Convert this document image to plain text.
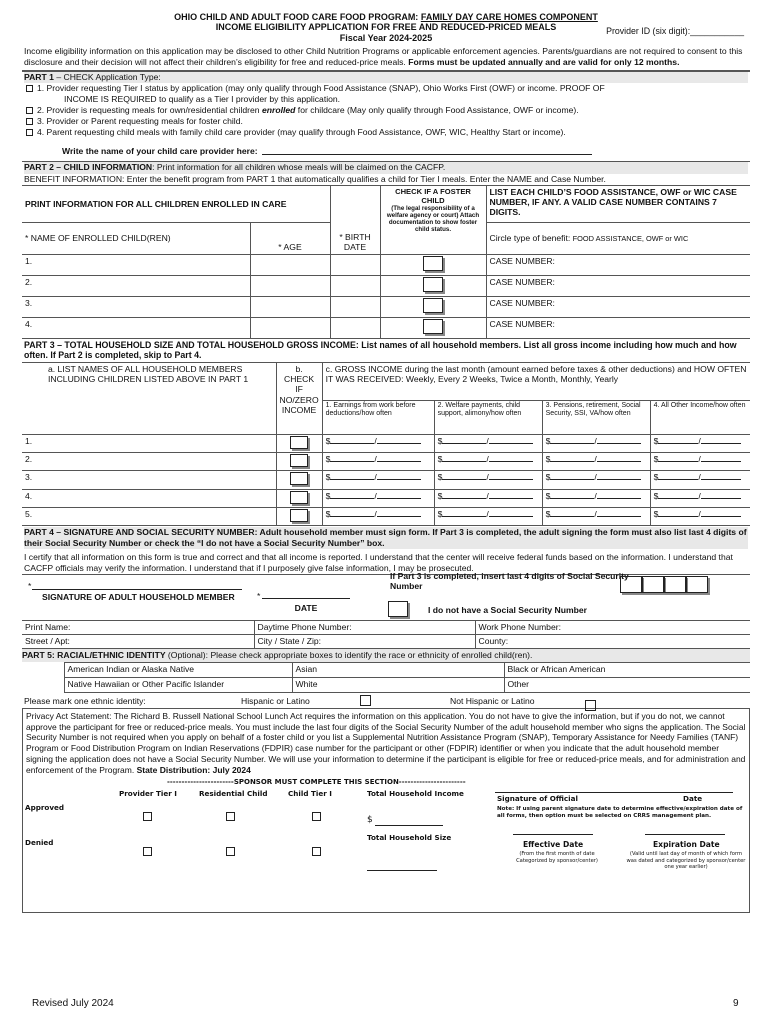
OHIO CHILD AND ADULT FOOD CARE FOOD PROGRAM: FAMILY DAY CARE HOMES COMPONENT
INCOME ELIGIBILITY APPLICATION FOR FREE AND REDUCED-PRICED MEALS
Fiscal Year 2024-2025
Provider ID (six digit):___________
Income eligibility information on this application may be disclosed to other Child Nutrition Programs or applicable enforcement agencies. Parents/guardians are not required to consent to this disclosure and their decision will not affect their children’s eligibility for free and reduced-price meals. Forms must be updated annually and are valid for only 12 months.
PART 1 – CHECK Application Type:
1. Provider requesting Tier I status by application (may only qualify through Food Assistance (SNAP), Ohio Works First (OWF) or income. PROOF OF
INCOME IS REQUIRED to qualify as a Tier I provider by this application.
2. Provider is requesting meals for own/residential children enrolled for childcare (May only qualify through Food Assistance, OWF or income).
3. Provider or Parent requesting meals for foster child.
4. Parent requesting child meals with family child care provider (may qualify through Food Assistance, OWF, WIC, Healthy Start or income).
Write the name of your child care provider here:
PART 2 – CHILD INFORMATION: Print information for all children whose meals will be claimed on the CACFP.
BENEFIT INFORMATION: Enter the benefit program from PART 1 that automatically qualifies a child for Tier I meals. Enter the NAME and Case Number.
PRINT INFORMATION FOR ALL CHILDREN ENROLLED IN CARE		* BIRTH DATE	CHECK IF A FOSTER CHILD
(The legal responsibility of a welfare agency or court) Attach documentation to show foster child status.	LIST EACH CHILD’S FOOD ASSISTANCE, OWF or WIC CASE NUMBER, IF ANY. A VALID CASE NUMBER CONTAINS 7 DIGITS.
* NAME OF ENROLLED CHILD(REN)	* AGE			Circle type of benefit: FOOD ASSISTANCE, OWF or WIC
1.				CASE NUMBER:
2.				CASE NUMBER:
3.				CASE NUMBER:
4.				CASE NUMBER:
PART 3 – TOTAL HOUSEHOLD SIZE AND TOTAL HOUSEHOLD GROSS INCOME: List names of all household members. List all gross income including how much and how often. If Part 2 is completed, skip to Part 4.
a. LIST NAMES OF ALL HOUSEHOLD MEMBERS INCLUDING CHILDREN LISTED ABOVE IN PART 1	b. CHECK IF NO/ZERO INCOME	c. GROSS INCOME during the last month (amount earned before taxes & other deductions) and HOW OFTEN IT WAS RECEIVED: Weekly, Every 2 Weeks, Twice a Month, Monthly, Yearly			
		1. Earnings from work before deductions/how often	2. Welfare payments, child support, alimony/how often	3. Pensions, retirement, Social Security, SSI, VA/how often	4. All Other Income/how often
1.		$ /	$ /	$ /	$ /
2.		$ /	$ /	$ /	$ /
3.		$ /	$ /	$ /	$ /
4.		$ /	$ /	$ /	$ /
5.		$ /	$ /	$ /	$ /
PART 4 – SIGNATURE AND SOCIAL SECURITY NUMBER: Adult household member must sign form. If Part 3 is completed, the adult signing the form must also list last 4 digits of their Social Security Number or check the “I do not have a Social Security Number” box.
I certify that all information on this form is true and correct and that all income is reported. I understand that the center will receive federal funds based on the information. I understand that CACFP officials may verify the information. I understand that if I purposely give false information, I may be prosecuted.
*
SIGNATURE OF ADULT HOUSEHOLD MEMBER	*
DATE
If Part 3 is completed, insert last 4 digits of Social Security Number
I do not have a Social Security Number
Print Name:	Daytime Phone Number:	Work Phone Number:
Street / Apt:	City / State / Zip:	County:
PART 5: RACIAL/ETHNIC IDENTITY (Optional): Please check appropriate boxes to identify the race or ethnicity of enrolled child(ren).
	American Indian or Alaska Native	Asian	Black or African American
	Native Hawaiian or Other Pacific Islander	White	Other
Please mark one ethnic identity:	Hispanic or Latino	Not Hispanic or Latino
Privacy Act Statement: The Richard B. Russell National School Lunch Act requires the information on this application. You do not have to give the information, but if you do not, we cannot approve the participant for free or reduced-price meals. You must include the last four digits of the Social Security Number of the adult household member who signs the application. The Social Security Number is not required when you apply on behalf of a foster child or you list a Supplemental Nutrition Assistance Program (SNAP), Temporary Assistance for Needy Families (TANF) Program or Food Distribution Program on Indian Reservations (FDPIR) case number for the participant or other (FDPIR) identifier or when you indicate that the adult household member signing the application does not have a Social Security Number. We will use your information to determine if the participant is eligible for free or reduced-price meals, and for administration and enforcement of the Program. State Distribution: July 2024
-----------------------SPONSOR MUST COMPLETE THIS SECTION-----------------------
Provider Tier I	Residential Child	Child Tier I	Total Household Income
Approved
$
Total Household Size
Denied
Signature of Official	Date
Note: If using parent signature date to determine effective/expiration date of all forms, then option must be selected on CRRS management plan.
Effective Date	Expiration Date
(From the first month of date Categorized by sponsor/center)
(Valid until last day of month of which form was dated and categorized by sponsor/center one year earlier)
Revised July 2024	9
